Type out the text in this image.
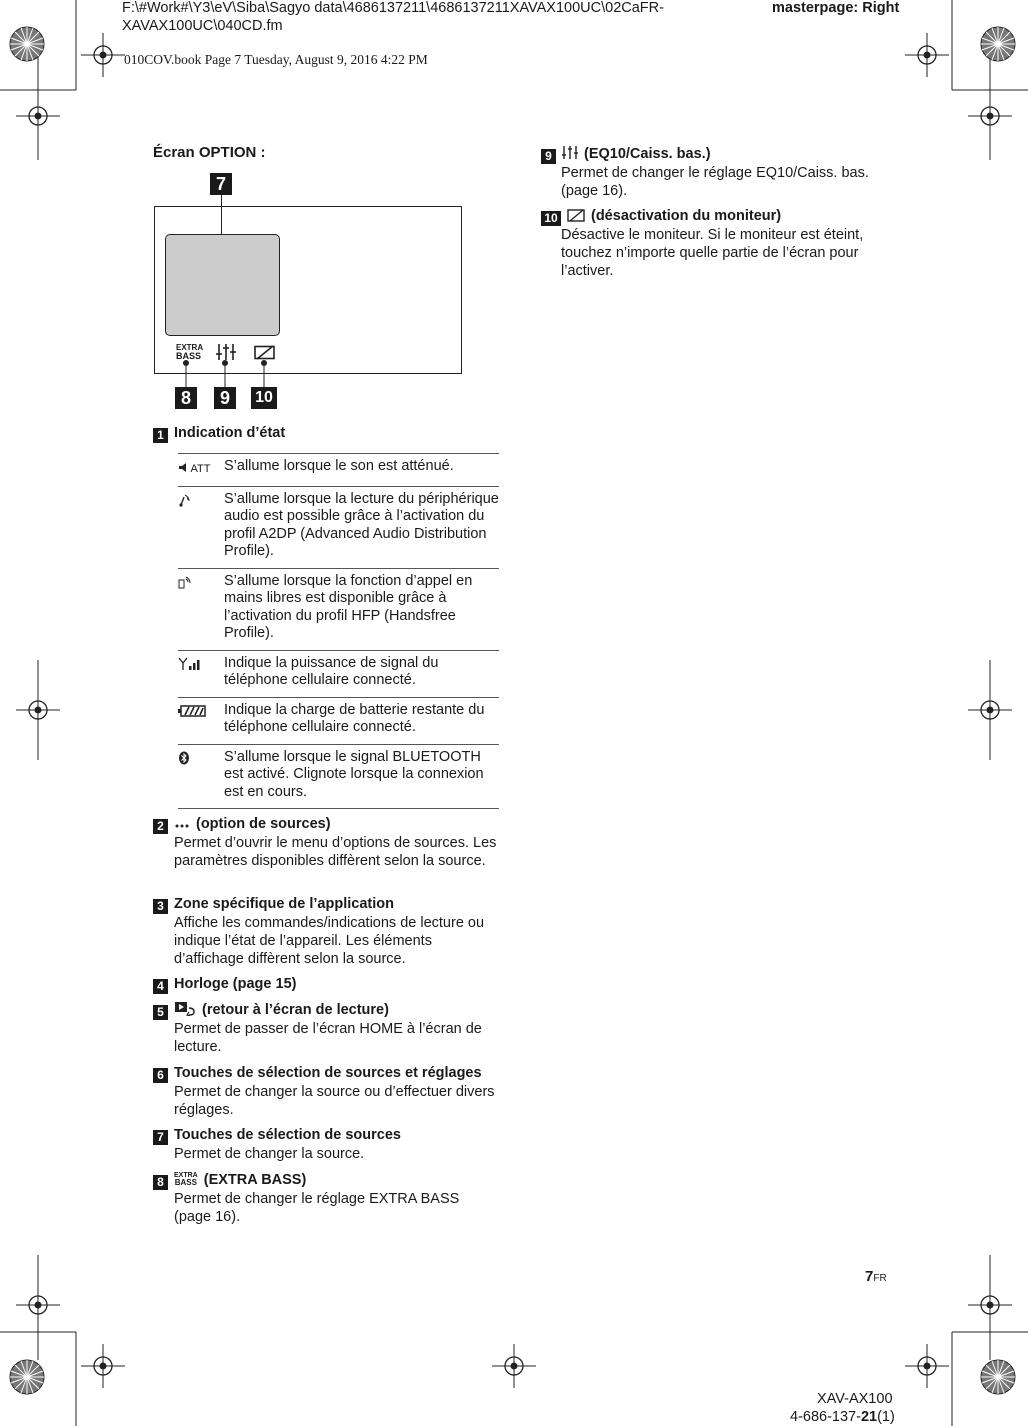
F:\#Work#\Y3\eV\Siba\Sagyo data\4686137211\4686137211XAVAX100UC\02CaFR-
XAVAX100UC\040CD.fm
masterpage: Right
010COV.book Page 7 Tuesday, August 9, 2016 4:22 PM
Écran OPTION :
7
EXTRA
BASS
8	9	10
1 Indication d’état
ATT	S’allume lorsque le son est atténué.
	S’allume lorsque la lecture du périphérique audio est possible grâce à l’activation du profil A2DP (Advanced Audio Distribution Profile).
	S’allume lorsque la fonction d’appel en mains libres est disponible grâce à l’activation du profil HFP (Handsfree Profile).
	Indique la puissance de signal du téléphone cellulaire connecté.
	Indique la charge de batterie restante du téléphone cellulaire connecté.
	S’allume lorsque le signal BLUETOOTH est activé. Clignote lorsque la connexion est en cours.
2 (option de sources)
Permet d’ouvrir le menu d’options de sources. Les paramètres disponibles diffèrent selon la source.
3 Zone spécifique de l’application
Affiche les commandes/indications de lecture ou indique l’état de l’appareil. Les éléments d’affichage diffèrent selon la source.
4 Horloge (page 15)
5	(retour à l’écran de lecture)
Permet de passer de l’écran HOME à l’écran de lecture.
6 Touches de sélection de sources et réglages
Permet de changer la source ou d’effectuer divers réglages.
7 Touches de sélection de sources
Permet de changer la source.
8 EXTRA
BASS (EXTRA BASS)
Permet de changer le réglage EXTRA BASS (page 16).
9 (EQ10/Caiss. bas.)
Permet de changer le réglage EQ10/Caiss. bas. (page 16).
10 (désactivation du moniteur)
Désactive le moniteur. Si le moniteur est éteint, touchez n’importe quelle partie de l’écran pour l’activer.
7FR
XAV-AX100
4-686-137-21(1)
